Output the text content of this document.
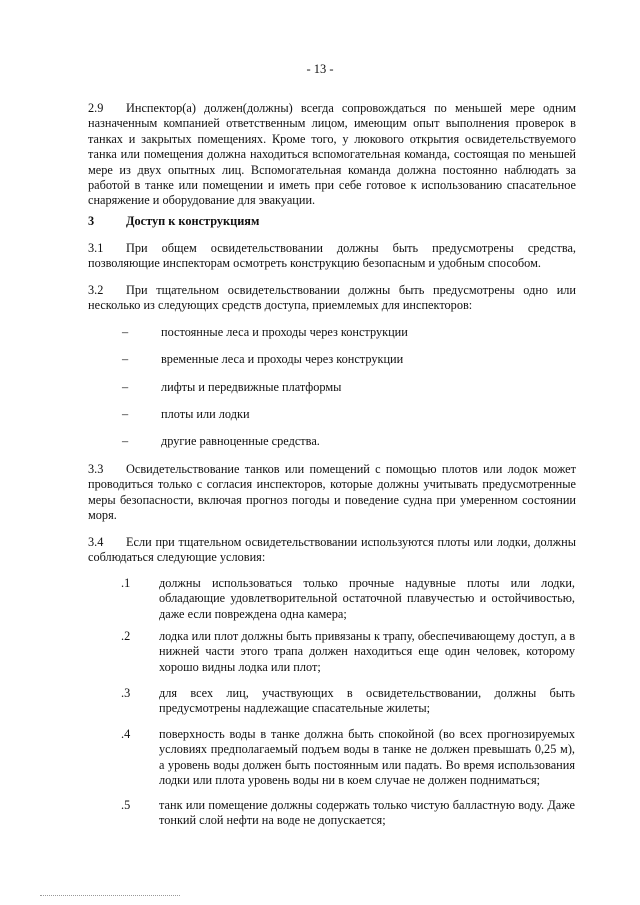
- 13 -
2.9 Инспектор(а) должен(должны) всегда сопровождаться по меньшей мере одним назначенным компанией ответственным лицом, имеющим опыт выполнения проверок в танках и закрытых помещениях. Кроме того, у люкового открытия освидетельствуемого танка или помещения должна находиться вспомогательная команда, состоящая по меньшей мере из двух опытных лиц. Вспомогательная команда должна постоянно наблюдать за работой в танке или помещении и иметь при себе готовое к использованию спасательное снаряжение и оборудование для эвакуации.
3	Доступ к конструкциям
3.1 При общем освидетельствовании должны быть предусмотрены средства, позволяющие инспекторам осмотреть конструкцию безопасным и удобным способом.
3.2 При тщательном освидетельствовании должны быть предусмотрены одно или несколько из следующих средств доступа, приемлемых для инспекторов:
–	постоянные леса и проходы через конструкции
–	временные леса и проходы через конструкции
–	лифты и передвижные платформы
–	плоты или лодки
–	другие равноценные средства.
3.3 Освидетельствование танков или помещений с помощью плотов или лодок может проводиться только с согласия инспекторов, которые должны учитывать предусмотренные меры безопасности, включая прогноз погоды и поведение судна при умеренном состоянии моря.
3.4 Если при тщательном освидетельствовании используются плоты или лодки, должны соблюдаться следующие условия:
.1 должны использоваться только прочные надувные плоты или лодки, обладающие удовлетворительной остаточной плавучестью и остойчивостью, даже если повреждена одна камера;
.2 лодка или плот должны быть привязаны к трапу, обеспечивающему доступ, а в нижней части этого трапа должен находиться еще один человек, которому хорошо видны лодка или плот;
.3 для всех лиц, участвующих в освидетельствовании, должны быть предусмотрены надлежащие спасательные жилеты;
.4 поверхность воды в танке должна быть спокойной (во всех прогнозируемых условиях предполагаемый подъем воды в танке не должен превышать 0,25 м), а уровень воды должен быть постоянным или падать. Во время использования лодки или плота уровень воды ни в коем случае не должен подниматься;
.5 танк или помещение должны содержать только чистую балластную воду. Даже тонкий слой нефти на воде не допускается;
